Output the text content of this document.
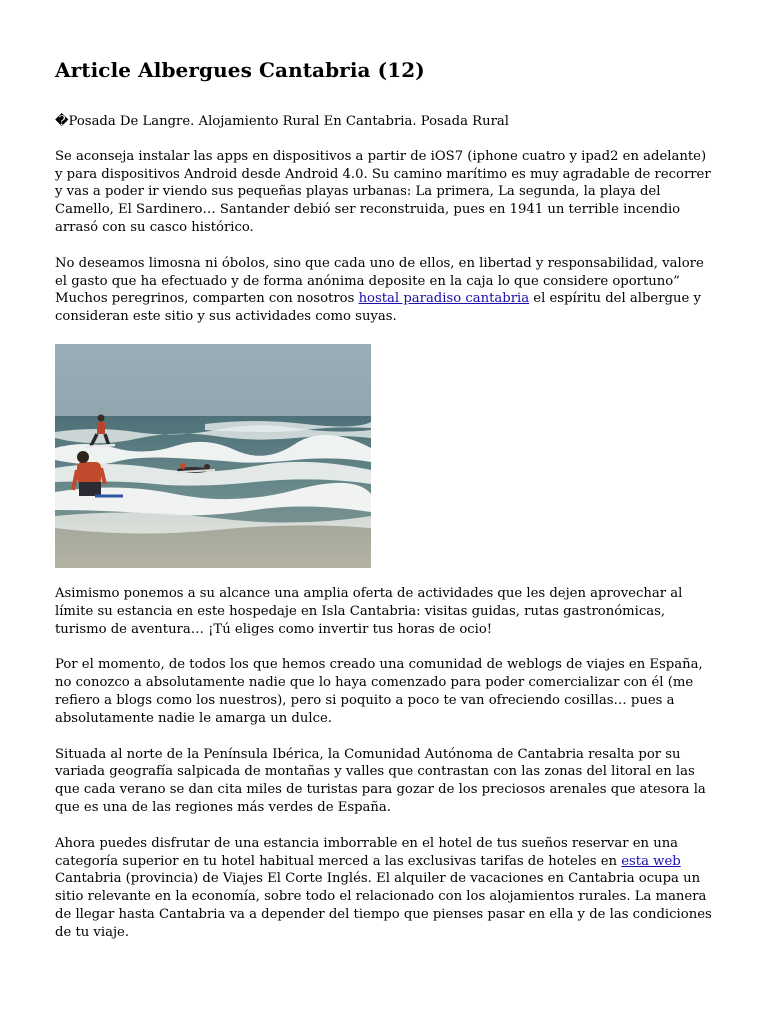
Article Albergues Cantabria (12)

�Posada De Langre. Alojamiento Rural En Cantabria. Posada Rural

Se aconseja instalar las apps en dispositivos a partir de iOS7 (iphone cuatro y ipad2 en adelante) y para dispositivos Android desde Android 4.0. Su camino marítimo es muy agradable de recorrer y vas a poder ir viendo sus pequeñas playas urbanas: La primera, La segunda, la playa del Camello, El Sardinero… Santander debió ser reconstruida, pues en 1941 un terrible incendio arrasó con su casco histórico.

No deseamos limosna ni óbolos, sino que cada uno de ellos, en libertad y responsabilidad, valore el gasto que ha efectuado y de forma anónima deposite en la caja lo que considere oportuno” Muchos peregrinos, comparten con nosotros hostal paradiso cantabria el espíritu del albergue y consideran este sitio y sus actividades como suyas.

Asimismo ponemos a su alcance una amplia oferta de actividades que les dejen aprovechar al límite su estancia en este hospedaje en Isla Cantabria: visitas guidas, rutas gastronómicas, turismo de aventura… ¡Tú eliges como invertir tus horas de ocio!

Por el momento, de todos los que hemos creado una comunidad de weblogs de viajes en España, no conozco a absolutamente nadie que lo haya comenzado para poder comercializar con él (me refiero a blogs como los nuestros), pero si poquito a poco te van ofreciendo cosillas… pues a absolutamente nadie le amarga un dulce.

Situada al norte de la Península Ibérica, la Comunidad Autónoma de Cantabria resalta por su variada geografía salpicada de montañas y valles que contrastan con las zonas del litoral en las que cada verano se dan cita miles de turistas para gozar de los preciosos arenales que atesora la que es una de las regiones más verdes de España.

Ahora puedes disfrutar de una estancia imborrable en el hotel de tus sueños reservar en una categoría superior en tu hotel habitual merced a las exclusivas tarifas de hoteles en esta web Cantabria (provincia) de Viajes El Corte Inglés. El alquiler de vacaciones en Cantabria ocupa un sitio relevante en la economía, sobre todo el relacionado con los alojamientos rurales. La manera de llegar hasta Cantabria va a depender del tiempo que pienses pasar en ella y de las condiciones de tu viaje.
